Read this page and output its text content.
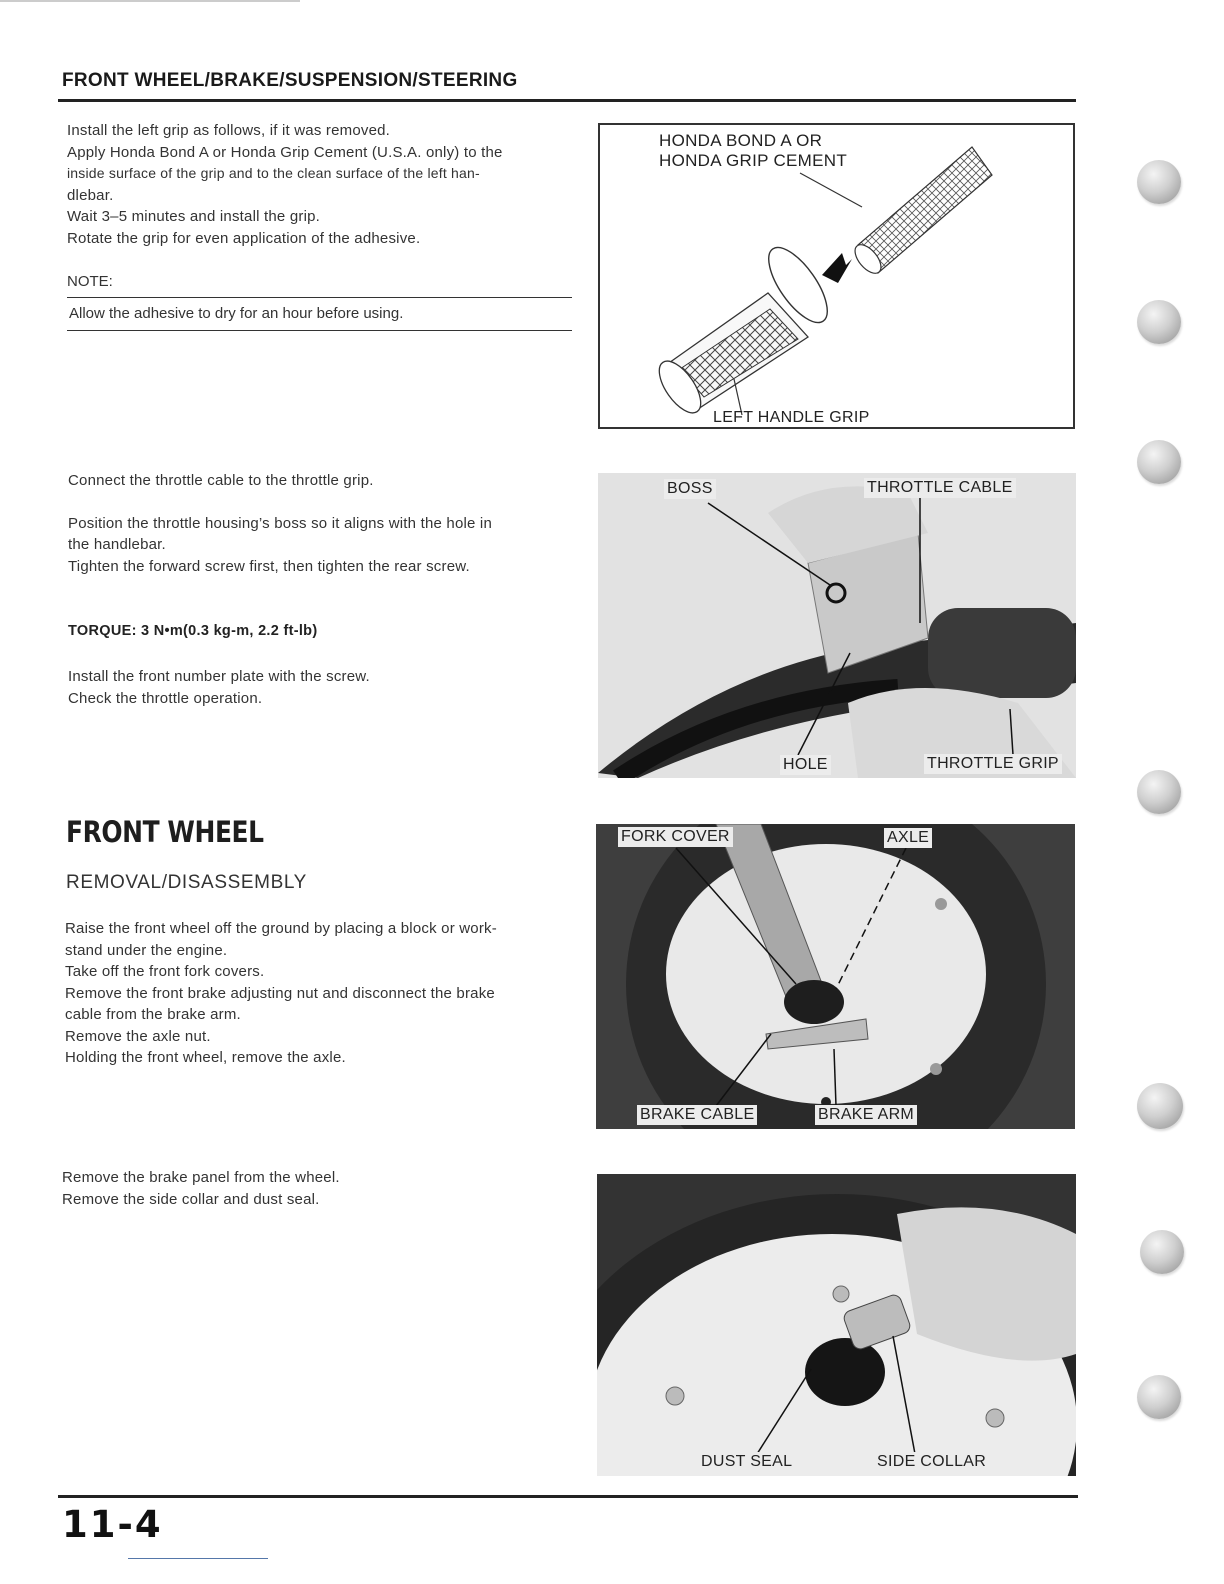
FRONT WHEEL/BRAKE/SUSPENSION/STEERING

Install the left grip as follows, if it was removed.

Apply Honda Bond A or Honda Grip Cement (U.S.A. only) to the

inside surface of the grip and to the clean surface of the left han-

dlebar.

Wait 3–5 minutes and install the grip.

Rotate the grip for even application of the adhesive.

NOTE:
Allow the adhesive to dry for an hour before using.
HONDA BOND A OR
HONDA GRIP CEMENT
LEFT HANDLE GRIP

Connect the throttle cable to the throttle grip.

Position the throttle housing’s boss so it aligns with the hole in

the handlebar.

Tighten the forward screw first, then tighten the rear screw.

TORQUE: 3 N•m(0.3 kg-m, 2.2 ft-lb)

Install the front number plate with the screw.

Check the throttle operation.

BOSS	THROTTLE CABLE
HOLE	THROTTLE GRIP
FRONT WHEEL
REMOVAL/DISASSEMBLY

Raise the front wheel off the ground by placing a block or work-

stand under the engine.

Take off the front fork covers.

Remove the front brake adjusting nut and disconnect the brake

cable from the brake arm.

Remove the axle nut.

Holding the front wheel, remove the axle.

FORK COVER	AXLE
BRAKE CABLE	BRAKE ARM

Remove the brake panel from the wheel.

Remove the side collar and dust seal.

DUST SEAL	SIDE COLLAR
11-4
